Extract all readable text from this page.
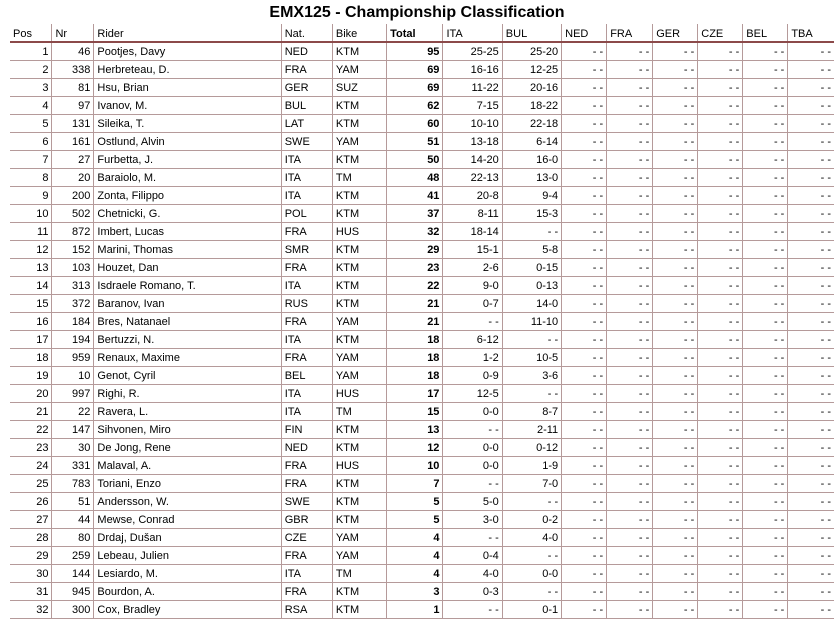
EMX125 - Championship Classification
Pos	Nr	Rider	Nat.	Bike	Total	ITA	BUL	NED	FRA	GER	CZE	BEL	TBA
1	46	Pootjes, Davy	NED	KTM	95	25-25	25-20	- -	- -	- -	- -	- -	- -
2	338	Herbreteau, D.	FRA	YAM	69	16-16	12-25	- -	- -	- -	- -	- -	- -
3	81	Hsu, Brian	GER	SUZ	69	11-22	20-16	- -	- -	- -	- -	- -	- -
4	97	Ivanov, M.	BUL	KTM	62	7-15	18-22	- -	- -	- -	- -	- -	- -
5	131	Sileika, T.	LAT	KTM	60	10-10	22-18	- -	- -	- -	- -	- -	- -
6	161	Ostlund, Alvin	SWE	YAM	51	13-18	6-14	- -	- -	- -	- -	- -	- -
7	27	Furbetta, J.	ITA	KTM	50	14-20	16-0	- -	- -	- -	- -	- -	- -
8	20	Baraiolo, M.	ITA	TM	48	22-13	13-0	- -	- -	- -	- -	- -	- -
9	200	Zonta, Filippo	ITA	KTM	41	20-8	9-4	- -	- -	- -	- -	- -	- -
10	502	Chetnicki, G.	POL	KTM	37	8-11	15-3	- -	- -	- -	- -	- -	- -
11	872	Imbert, Lucas	FRA	HUS	32	18-14	- -	- -	- -	- -	- -	- -	- -
12	152	Marini, Thomas	SMR	KTM	29	15-1	5-8	- -	- -	- -	- -	- -	- -
13	103	Houzet, Dan	FRA	KTM	23	2-6	0-15	- -	- -	- -	- -	- -	- -
14	313	Isdraele Romano, T.	ITA	KTM	22	9-0	0-13	- -	- -	- -	- -	- -	- -
15	372	Baranov, Ivan	RUS	KTM	21	0-7	14-0	- -	- -	- -	- -	- -	- -
16	184	Bres, Natanael	FRA	YAM	21	- -	11-10	- -	- -	- -	- -	- -	- -
17	194	Bertuzzi, N.	ITA	KTM	18	6-12	- -	- -	- -	- -	- -	- -	- -
18	959	Renaux, Maxime	FRA	YAM	18	1-2	10-5	- -	- -	- -	- -	- -	- -
19	10	Genot, Cyril	BEL	YAM	18	0-9	3-6	- -	- -	- -	- -	- -	- -
20	997	Righi, R.	ITA	HUS	17	12-5	- -	- -	- -	- -	- -	- -	- -
21	22	Ravera, L.	ITA	TM	15	0-0	8-7	- -	- -	- -	- -	- -	- -
22	147	Sihvonen, Miro	FIN	KTM	13	- -	2-11	- -	- -	- -	- -	- -	- -
23	30	De Jong, Rene	NED	KTM	12	0-0	0-12	- -	- -	- -	- -	- -	- -
24	331	Malaval, A.	FRA	HUS	10	0-0	1-9	- -	- -	- -	- -	- -	- -
25	783	Toriani, Enzo	FRA	KTM	7	- -	7-0	- -	- -	- -	- -	- -	- -
26	51	Andersson, W.	SWE	KTM	5	5-0	- -	- -	- -	- -	- -	- -	- -
27	44	Mewse, Conrad	GBR	KTM	5	3-0	0-2	- -	- -	- -	- -	- -	- -
28	80	Drdaj, Dušan	CZE	YAM	4	- -	4-0	- -	- -	- -	- -	- -	- -
29	259	Lebeau, Julien	FRA	YAM	4	0-4	- -	- -	- -	- -	- -	- -	- -
30	144	Lesiardo, M.	ITA	TM	4	4-0	0-0	- -	- -	- -	- -	- -	- -
31	945	Bourdon, A.	FRA	KTM	3	0-3	- -	- -	- -	- -	- -	- -	- -
32	300	Cox, Bradley	RSA	KTM	1	- -	0-1	- -	- -	- -	- -	- -	- -
